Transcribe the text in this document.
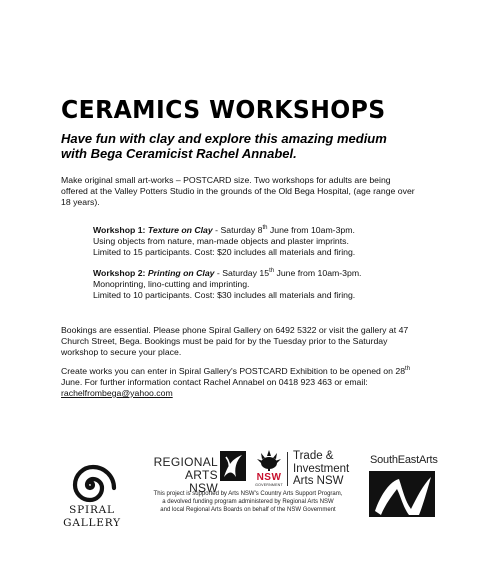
CERAMICS WORKSHOPS
Have fun with clay and explore this amazing medium
with Bega Ceramicist Rachel Annabel.
Make original small art-works – POSTCARD size. Two workshops for adults are being
offered at the Valley Potters Studio in the grounds of the Old Bega Hospital, (age range over
18 years).
Workshop 1: Texture on Clay - Saturday 8th June from 10am-3pm.
Using objects from nature, man-made objects and plaster imprints.
Limited to 15 participants. Cost: $20 includes all materials and firing.
Workshop 2: Printing on Clay - Saturday 15th June from 10am-3pm.
Monoprinting, lino-cutting and imprinting.
Limited to 10 participants. Cost: $30 includes all materials and firing.
Bookings are essential. Please phone Spiral Gallery on 6492 5322 or visit the gallery at 47
Church Street, Bega. Bookings must be paid for by the Tuesday prior to the Saturday
workshop to secure your place.
Create works you can enter in Spiral Gallery's POSTCARD Exhibition to be opened on 28th
June. For further information contact Rachel Annabel on 0418 923 463 or email:
rachelfrombega@yahoo.com
SPIRAL
GALLERY
REGIONAL ARTS
NSW
NSW
GOVERNMENT
Trade &
Investment
Arts NSW
SouthEastArts
This project is supported by Arts NSW's Country Arts Support Program,
a devolved funding program administered by Regional Arts NSW
and local Regional Arts Boards on behalf of the NSW Government
